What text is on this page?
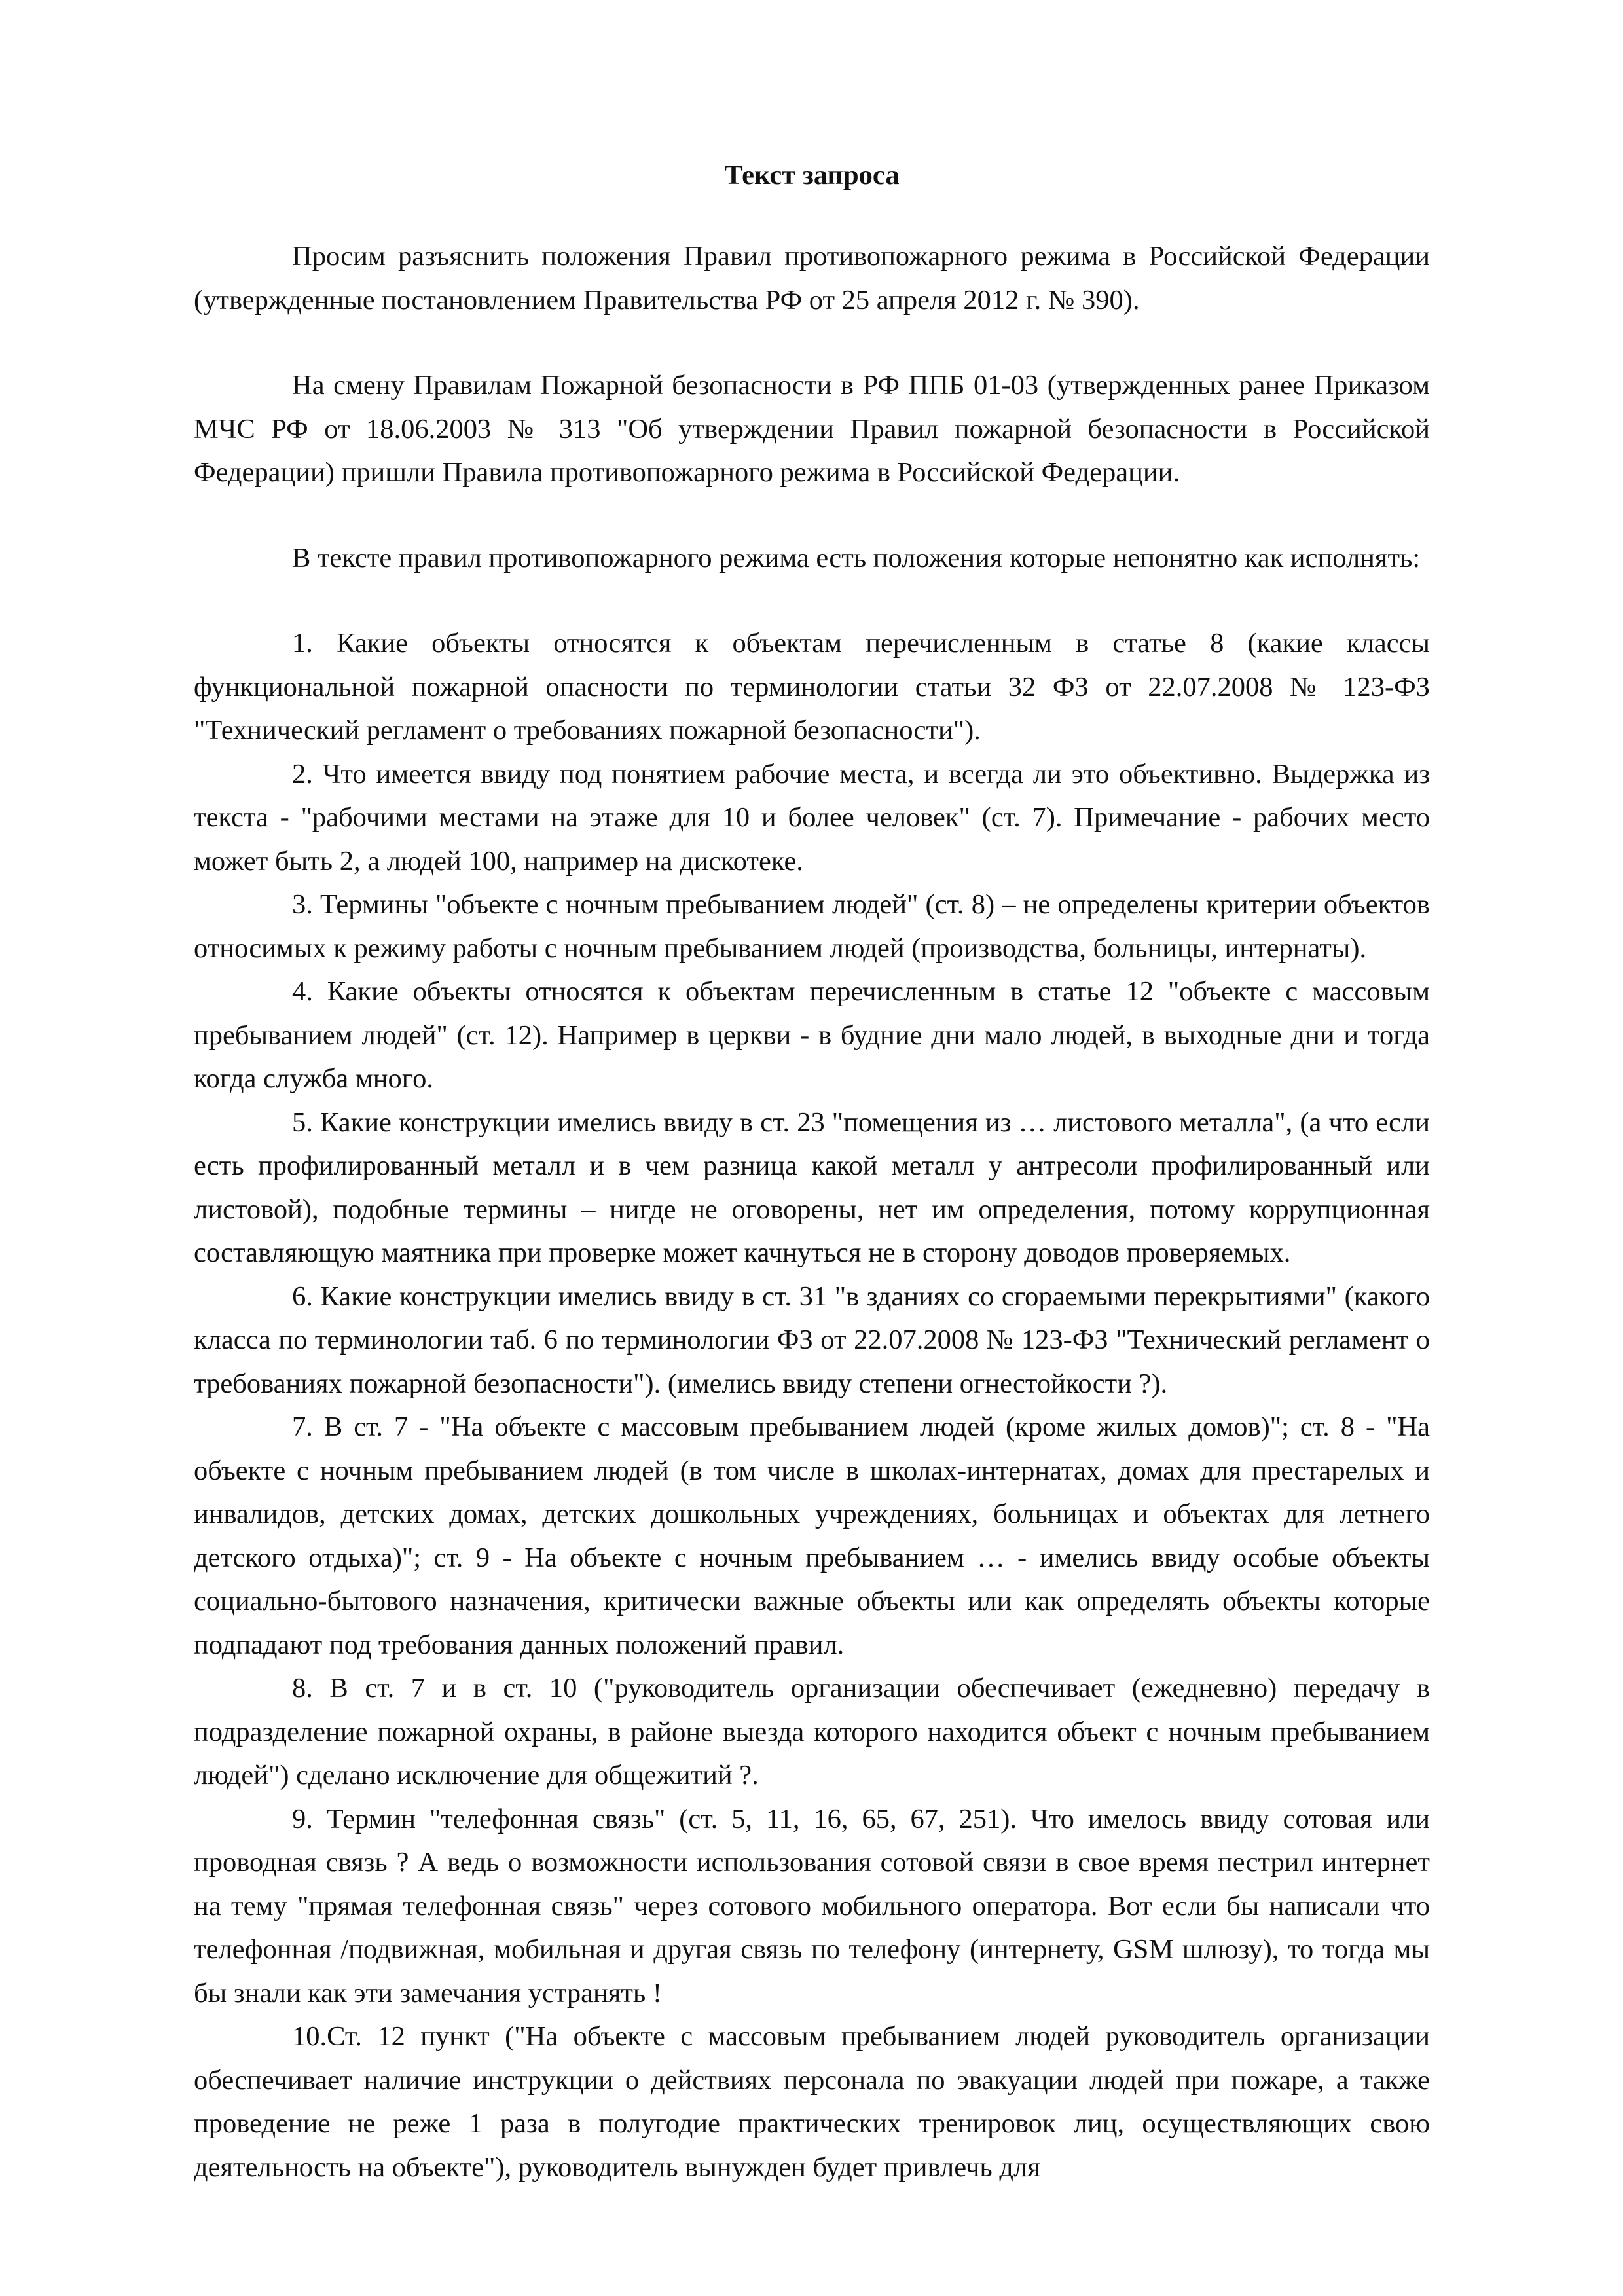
Текст запроса

Просим разъяснить положения Правил противопожарного режима в Российской Федерации (утвержденные постановлением Правительства РФ от 25 апреля 2012 г. № 390).

На смену Правилам Пожарной безопасности в РФ ППБ 01-03 (утвержденных ранее Приказом МЧС РФ от 18.06.2003 № 313 "Об утверждении Правил пожарной безопасности в Российской Федерации) пришли Правила противопожарного режима в Российской Федерации.

В тексте правил противопожарного режима есть положения которые непонятно как исполнять:

1. Какие объекты относятся к объектам перечисленным в статье 8 (какие классы функциональной пожарной опасности по терминологии статьи 32 ФЗ от 22.07.2008 № 123-ФЗ "Технический регламент о требованиях пожарной безопасности").

2. Что имеется ввиду под понятием рабочие места, и всегда ли это объективно. Выдержка из текста - "рабочими местами на этаже для 10 и более человек" (ст. 7). Примечание - рабочих место может быть 2, а людей 100, например на дискотеке.

3. Термины "объекте с ночным пребыванием людей" (ст. 8) – не определены критерии объектов относимых к режиму работы с ночным пребыванием людей (производства, больницы, интернаты).

4. Какие объекты относятся к объектам перечисленным в статье 12 "объекте с массовым пребыванием людей" (ст. 12). Например в церкви - в будние дни мало людей, в выходные дни и тогда когда служба много.

5. Какие конструкции имелись ввиду в ст. 23 "помещения из … листового металла", (а что если есть профилированный металл и в чем разница какой металл у антресоли профилированный или листовой), подобные термины – нигде не оговорены, нет им определения, потому коррупционная составляющую маятника при проверке может качнуться не в сторону доводов проверяемых.

6. Какие конструкции имелись ввиду в ст. 31 "в зданиях со сгораемыми перекрытиями" (какого класса по терминологии таб. 6 по терминологии ФЗ от 22.07.2008 № 123-ФЗ "Технический регламент о требованиях пожарной безопасности"). (имелись ввиду степени огнестойкости ?).

7. В ст. 7 - "На объекте с массовым пребыванием людей (кроме жилых домов)"; ст. 8 - "На объекте с ночным пребыванием людей (в том числе в школах-интернатах, домах для престарелых и инвалидов, детских домах, детских дошкольных учреждениях, больницах и объектах для летнего детского отдыха)"; ст. 9 - На объекте с ночным пребыванием … - имелись ввиду особые объекты социально-бытового назначения, критически важные объекты или как определять объекты которые подпадают под требования данных положений правил.

8. В ст. 7 и в ст. 10 ("руководитель организации обеспечивает (ежедневно) передачу в подразделение пожарной охраны, в районе выезда которого находится объект с ночным пребыванием людей") сделано исключение для общежитий ?.

9. Термин "телефонная связь" (ст. 5, 11, 16, 65, 67, 251). Что имелось ввиду сотовая или проводная связь ? А ведь о возможности использования сотовой связи в свое время пестрил интернет на тему "прямая телефонная связь" через сотового мобильного оператора. Вот если бы написали что телефонная /подвижная, мобильная и другая связь по телефону (интернету, GSM шлюзу), то тогда мы бы знали как эти замечания устранять !

10.Ст. 12 пункт ("На объекте с массовым пребыванием людей руководитель организации обеспечивает наличие инструкции о действиях персонала по эвакуации людей при пожаре, а также проведение не реже 1 раза в полугодие практических тренировок лиц, осуществляющих свою деятельность на объекте"), руководитель вынужден будет привлечь для
